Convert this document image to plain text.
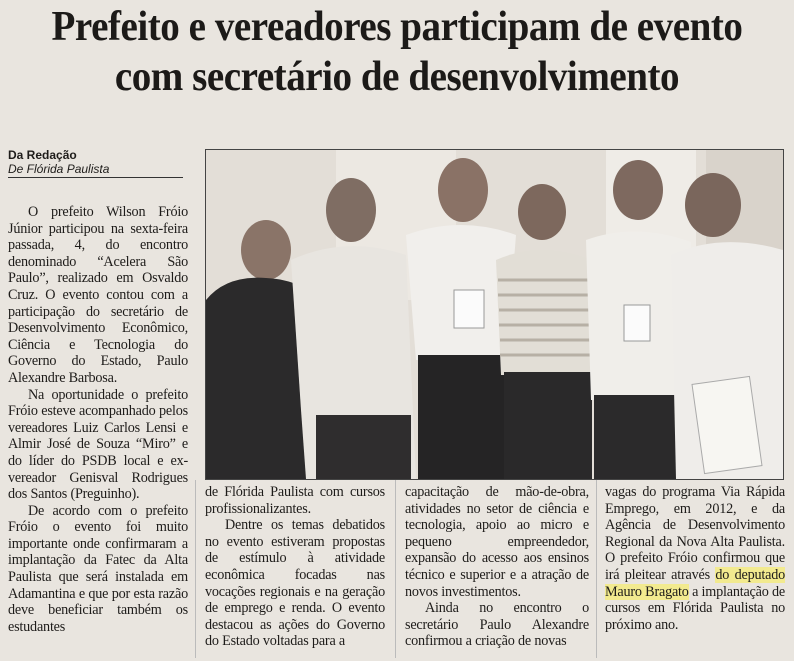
Prefeito e vereadores participam de evento
com secretário de desenvolvimento
Da Redação
De Flórida Paulista

O prefeito Wilson Fróio Júnior participou na sexta-feira passada, 4, do encontro denominado “Acelera São Paulo”, realizado em Osvaldo Cruz. O evento contou com a participação do secretário de Desenvolvimento Econômico, Ciência e Tecnologia do Governo do Estado, Paulo Alexandre Barbosa.

Na oportunidade o prefeito Fróio esteve acompanhado pelos vereadores Luiz Carlos Lensi e Almir José de Souza “Miro” e do líder do PSDB local e ex-vereador Genisval Rodrigues dos Santos (Preguinho).

De acordo com o prefeito Fróio o evento foi muito importante onde confirmaram a implantação da Fatec da Alta Paulista que será instalada em Adamantina e que por esta razão deve beneficiar também os estudantes

de Flórida Paulista com cursos profissionalizantes.

Dentre os temas debatidos no evento estiveram propostas de estímulo à atividade econômica focadas nas vocações regionais e na geração de emprego e renda. O evento destacou as ações do Governo do Estado voltadas para a

capacitação de mão-de-obra, atividades no setor de ciência e tecnologia, apoio ao micro e pequeno empreendedor, expansão do acesso aos ensinos técnico e superior e a atração de novos investimentos.

Ainda no encontro o secretário Paulo Alexandre confirmou a criação de novas

vagas do programa Via Rápida Emprego, em 2012, e da Agência de Desenvolvimento Regional da Nova Alta Paulista. O prefeito Fróio confirmou que irá pleitear através do deputado Mauro Bragato a implantação de cursos em Flórida Paulista no próximo ano.
